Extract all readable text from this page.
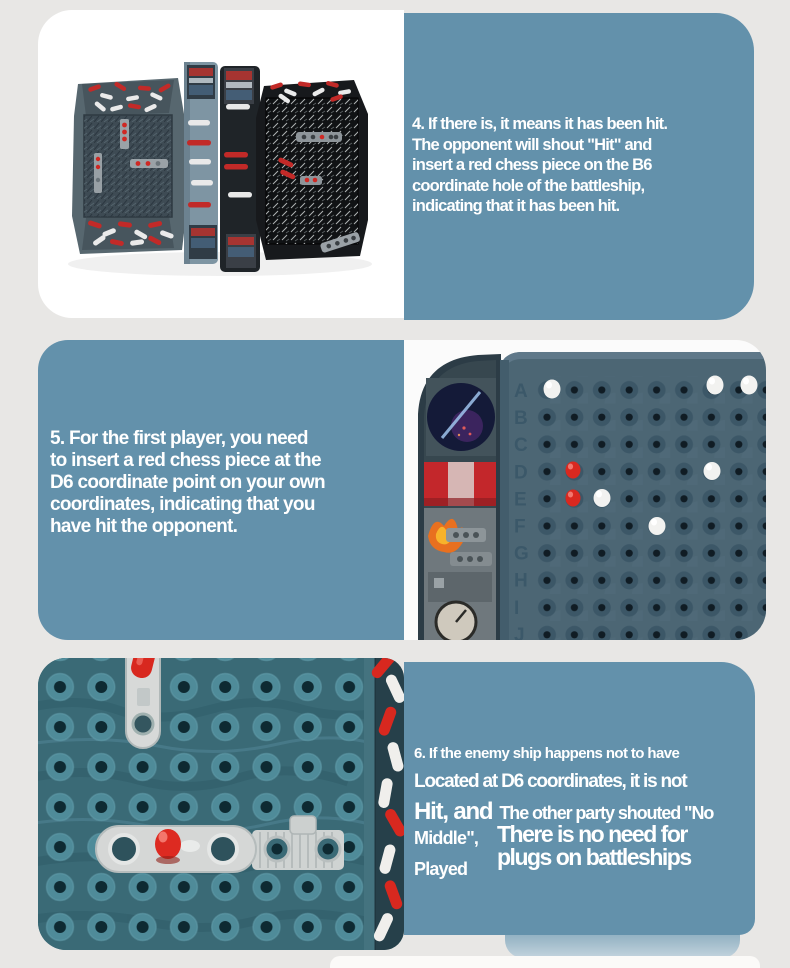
4. If there is, it means it has been hit.
The opponent will shout "Hit" and
insert a red chess piece on the B6
coordinate hole of the battleship,
indicating that it has been hit.
5. For the first player, you need
to insert a red chess piece at the
D6 coordinate point on your own
coordinates, indicating that you
have hit the opponent.
A
B
C
D
E
F
G
H
I
J
6. If the enemy ship happens not to have
Located at D6 coordinates, it is not
Hit, and The other party shouted "No
Middle", There is no need for
plugs on battleships
Played
